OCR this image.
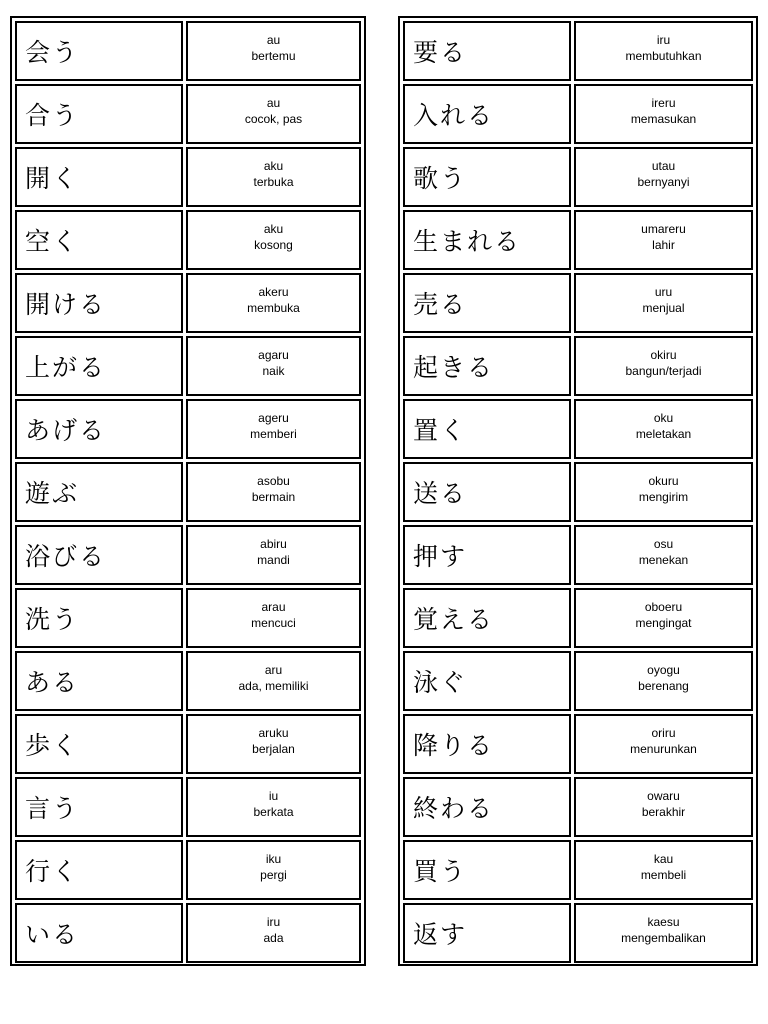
会う	au
bertemu
合う	au
cocok, pas
開く	aku
terbuka
空く	aku
kosong
開ける	akeru
membuka
上がる	agaru
naik
あげる	ageru
memberi
遊ぶ	asobu
bermain
浴びる	abiru
mandi
洗う	arau
mencuci
ある	aru
ada, memiliki
歩く	aruku
berjalan
言う	iu
berkata
行く	iku
pergi
いる	iru
ada
要る	iru
membutuhkan
入れる	ireru
memasukan
歌う	utau
bernyanyi
生まれる	umareru
lahir
売る	uru
menjual
起きる	okiru
bangun/terjadi
置く	oku
meletakan
送る	okuru
mengirim
押す	osu
menekan
覚える	oboeru
mengingat
泳ぐ	oyogu
berenang
降りる	oriru
menurunkan
終わる	owaru
berakhir
買う	kau
membeli
返す	kaesu
mengembalikan
